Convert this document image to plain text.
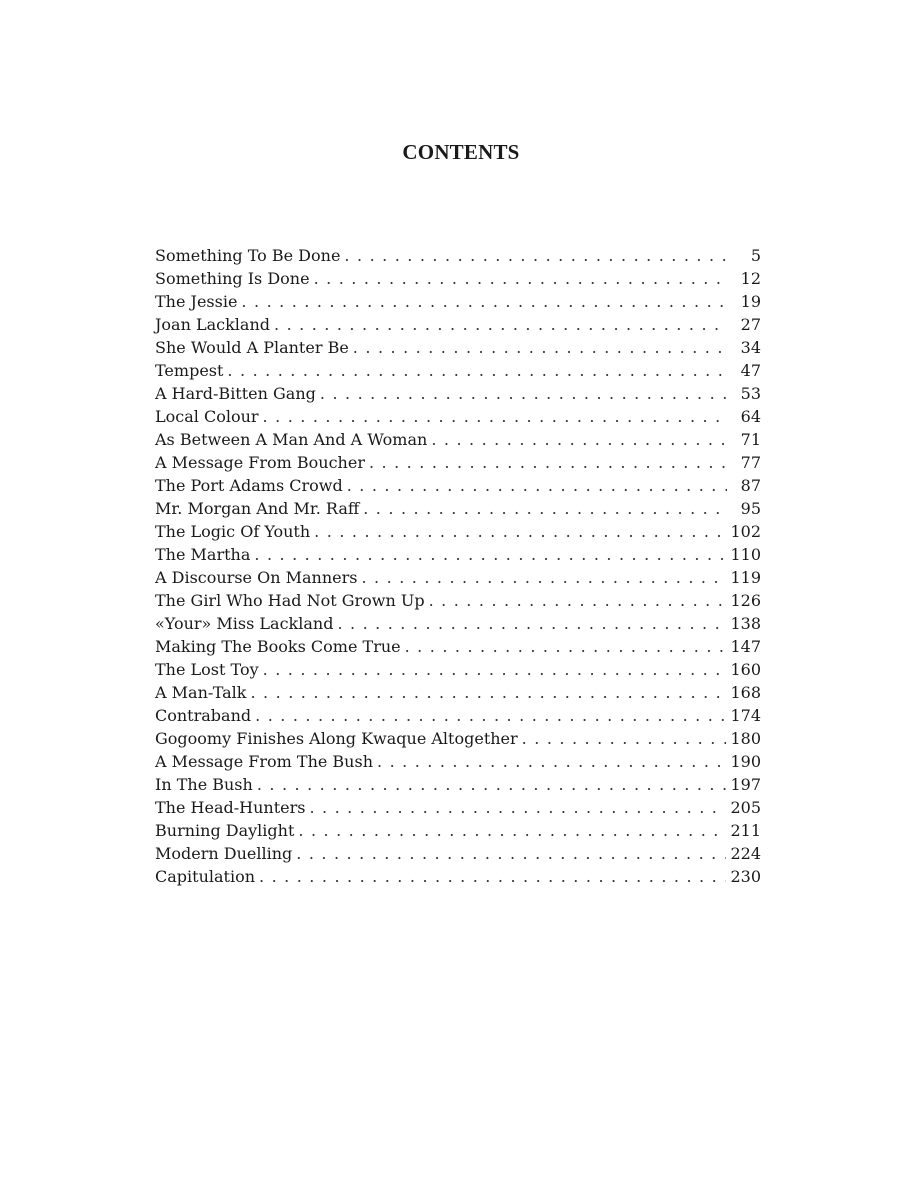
CONTENTS
Something To Be Done . . .	5
Something Is Done . . .	12
The Jessie . . .	19
Joan Lackland . . .	27
She Would A Planter Be . . .	34
Tempest . . .	47
A Hard-Bitten Gang . . .	53
Local Colour . . .	64
As Between A Man And A Woman . . .	71
A Message From Boucher . . .	77
The Port Adams Crowd . . .	87
Mr. Morgan And Mr. Raff . . .	95
The Logic Of Youth . . .	102
The Martha . . .	110
A Discourse On Manners . . .	119
The Girl Who Had Not Grown Up . . .	126
«Your» Miss Lackland . . .	138
Making The Books Come True . . .	147
The Lost Toy . . .	160
A Man-Talk . . .	168
Contraband . . .	174
Gogoomy Finishes Along Kwaque Altogether . . .	180
A Message From The Bush . . .	190
In The Bush . . .	197
The Head-Hunters . . .	205
Burning Daylight . . .	211
Modern Duelling . . .	224
Capitulation . . .	230
